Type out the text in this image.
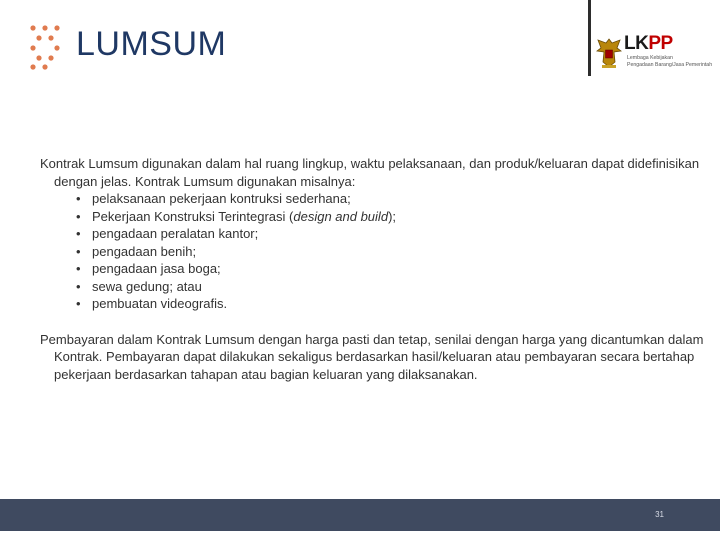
LUMSUM	LKPP
Lembaga Kebijakan
Pengadaan Barang/Jasa Pemerintah

Kontrak Lumsum digunakan dalam hal ruang lingkup, waktu pelaksanaan, dan produk/keluaran dapat didefinisikan dengan jelas. Kontrak Lumsum digunakan misalnya:

• pelaksanaan pekerjaan kontruksi sederhana;
• Pekerjaan Konstruksi Terintegrasi (design and build);
• pengadaan peralatan kantor;
• pengadaan benih;
• pengadaan jasa boga;
• sewa gedung; atau
• pembuatan videografis.

Pembayaran dalam Kontrak Lumsum dengan harga pasti dan tetap, senilai dengan harga yang dicantumkan dalam Kontrak. Pembayaran dapat dilakukan sekaligus berdasarkan hasil/keluaran atau pembayaran secara bertahap pekerjaan berdasarkan tahapan atau bagian keluaran yang dilaksanakan.

31
